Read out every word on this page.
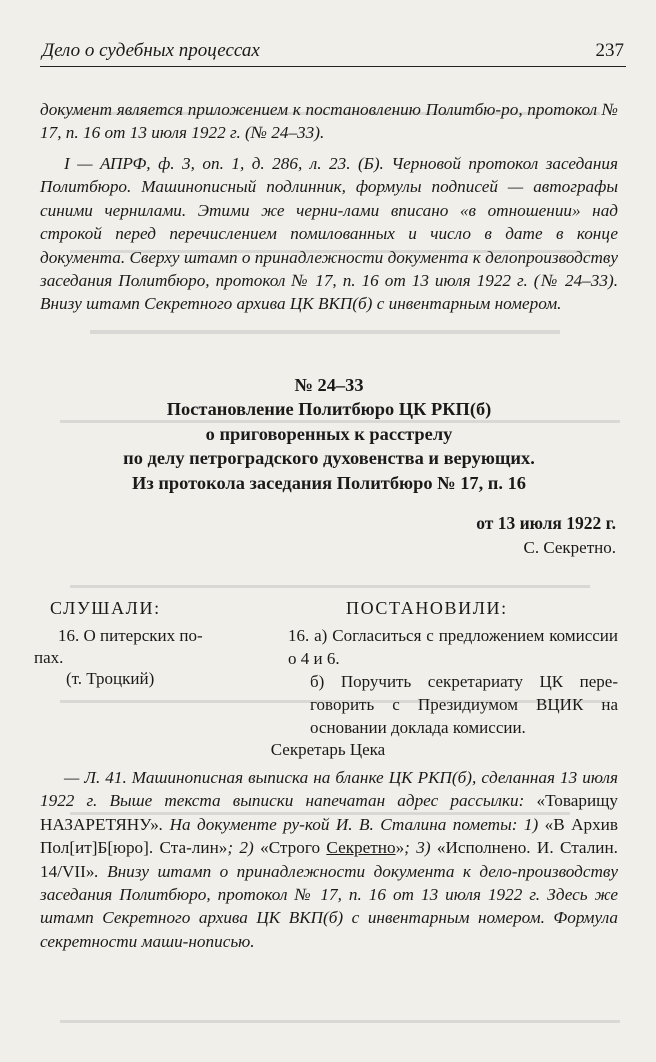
Дело о судебных процессах	237
документ является приложением к постановлению Политбю-ро, протокол № 17, п. 16 от 13 июля 1922 г. (№ 24–33).
I — АПРФ, ф. 3, оп. 1, д. 286, л. 23. (Б). Черновой протокол заседания Политбюро. Машинописный подлинник, формулы подписей — автографы синими чернилами. Этими же черни-лами вписано «в отношении» над строкой перед перечислением помилованных и число в дате в конце документа. Сверху штамп о принадлежности документа к делопроизводству заседания Политбюро, протокол № 17, п. 16 от 13 июля 1922 г. (№ 24–33). Внизу штамп Секретного архива ЦК ВКП(б) с инвентарным номером.
№ 24–33
Постановление Политбюро ЦК РКП(б)
о приговоренных к расстрелу
по делу петроградского духовенства и верующих.
Из протокола заседания Политбюро № 17, п. 16
от 13 июля 1922 г.
С. Секретно.
СЛУШАЛИ:	ПОСТАНОВИЛИ:
16. О питерских по-
пах.
(т. Троцкий)
16. а) Согласиться с предложением комиссии о 4 и 6.
б) Поручить секретариату ЦК пере-говорить с Президиумом ВЦИК на основании доклада комиссии.
Секретарь Цека
— Л. 41. Машинописная выписка на бланке ЦК РКП(б), сделанная 13 июля 1922 г. Выше текста выписки напечатан адрес рассылки: «Товарищу НАЗАРЕТЯНУ». На документе ру-кой И. В. Сталина пометы: 1) «В Архив Пол[ит]Б[юро]. Ста-лин»; 2) «Строго Секретно»; 3) «Исполнено. И. Сталин. 14/VII». Внизу штамп о принадлежности документа к дело-производству заседания Политбюро, протокол № 17, п. 16 от 13 июля 1922 г. Здесь же штамп Секретного архива ЦК ВКП(б) с инвентарным номером. Формула секретности маши-нописью.
